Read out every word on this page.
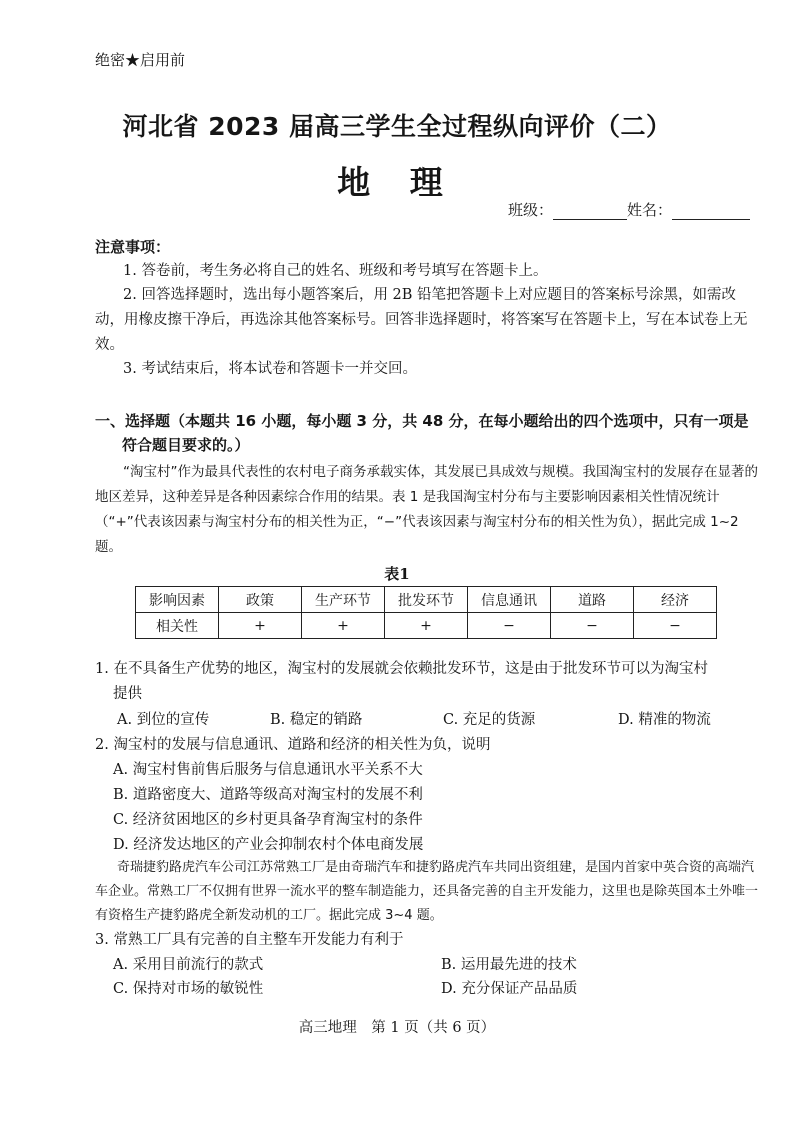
绝密★启用前
河北省 2023 届高三学生全过程纵向评价（二）
地 理
班级：	姓名：
注意事项：
1. 答卷前，考生务必将自己的姓名、班级和考号填写在答题卡上。
2. 回答选择题时，选出每小题答案后，用 2B 铅笔把答题卡上对应题目的答案标号涂黑，如需改动，用橡皮擦干净后，再选涂其他答案标号。回答非选择题时，将答案写在答题卡上，写在本试卷上无效。
3. 考试结束后，将本试卷和答题卡一并交回。
一、选择题（本题共 16 小题，每小题 3 分，共 48 分，在每小题给出的四个选项中，只有一项是
符合题目要求的。）
“淘宝村”作为最具代表性的农村电子商务承载实体，其发展已具成效与规模。我国淘宝村的发展存在显著的地区差异，这种差异是各种因素综合作用的结果。表 1 是我国淘宝村分布与主要影响因素相关性情况统计（“+”代表该因素与淘宝村分布的相关性为正，“−”代表该因素与淘宝村分布的相关性为负），据此完成 1~2 题。
表1
影响因素	政策	生产环节	批发环节	信息通讯	道路	经济
相关性	+	+	+	−	−	−
1. 在不具备生产优势的地区，淘宝村的发展就会依赖批发环节，这是由于批发环节可以为淘宝村
提供
A. 到位的宣传	B. 稳定的销路	C. 充足的货源	D. 精准的物流
2. 淘宝村的发展与信息通讯、道路和经济的相关性为负，说明
A. 淘宝村售前售后服务与信息通讯水平关系不大
B. 道路密度大、道路等级高对淘宝村的发展不利
C. 经济贫困地区的乡村更具备孕育淘宝村的条件
D. 经济发达地区的产业会抑制农村个体电商发展
奇瑞捷豹路虎汽车公司江苏常熟工厂是由奇瑞汽车和捷豹路虎汽车共同出资组建，是国内首家中英合资的高端汽车企业。常熟工厂不仅拥有世界一流水平的整车制造能力，还具备完善的自主开发能力，这里也是除英国本土外唯一有资格生产捷豹路虎全新发动机的工厂。据此完成 3~4 题。
3. 常熟工厂具有完善的自主整车开发能力有利于
A. 采用目前流行的款式	B. 运用最先进的技术
C. 保持对市场的敏锐性	D. 充分保证产品品质
高三地理　第 1 页（共 6 页）
